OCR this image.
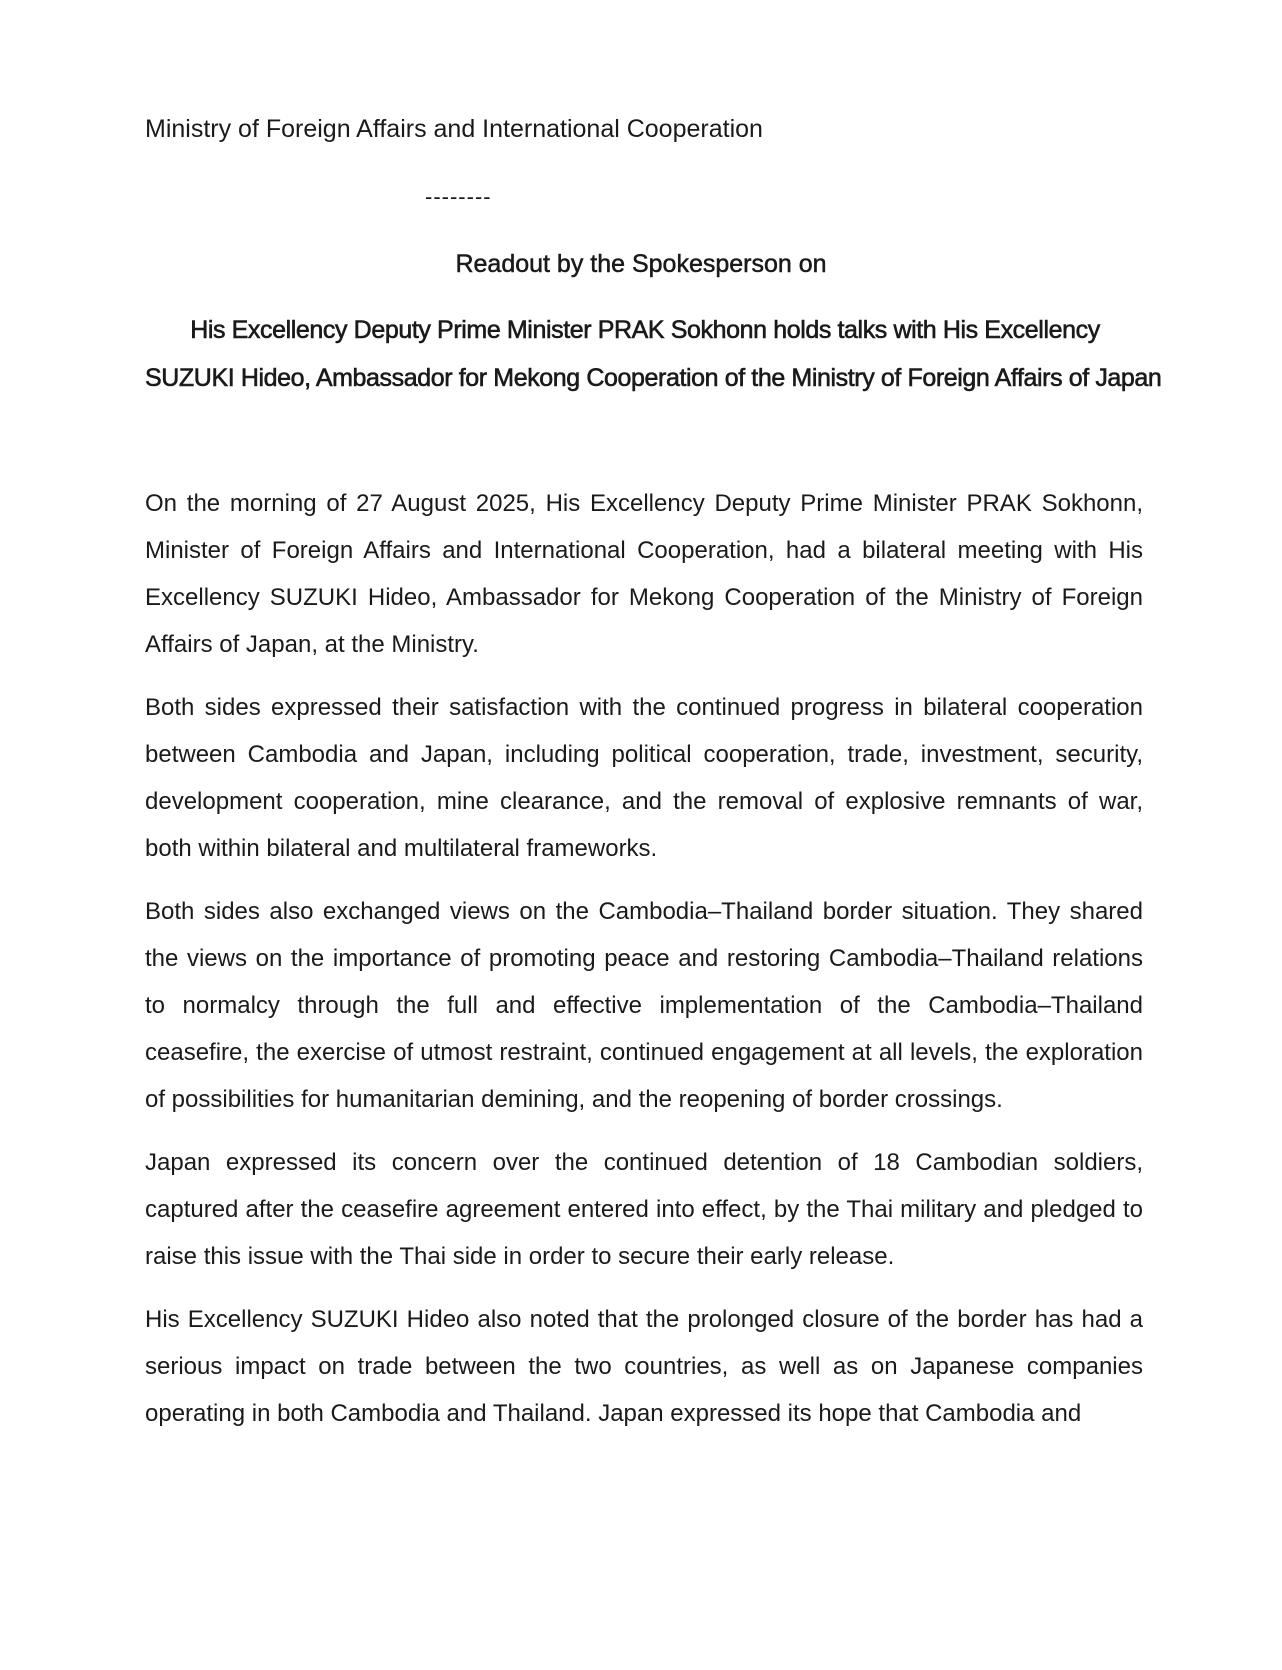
Ministry of Foreign Affairs and International Cooperation
--------
Readout by the Spokesperson on
His Excellency Deputy Prime Minister PRAK Sokhonn holds talks with His Excellency
SUZUKI Hideo, Ambassador for Mekong Cooperation of the Ministry of Foreign Affairs of Japan

On the morning of 27 August 2025, His Excellency Deputy Prime Minister PRAK Sokhonn, Minister of Foreign Affairs and International Cooperation, had a bilateral meeting with His Excellency SUZUKI Hideo, Ambassador for Mekong Cooperation of the Ministry of Foreign Affairs of Japan, at the Ministry.

Both sides expressed their satisfaction with the continued progress in bilateral cooperation between Cambodia and Japan, including political cooperation, trade, investment, security, development cooperation, mine clearance, and the removal of explosive remnants of war, both within bilateral and multilateral frameworks.

Both sides also exchanged views on the Cambodia–Thailand border situation. They shared the views on the importance of promoting peace and restoring Cambodia–Thailand relations to normalcy through the full and effective implementation of the Cambodia–Thailand ceasefire, the exercise of utmost restraint, continued engagement at all levels, the exploration of possibilities for humanitarian demining, and the reopening of border crossings.

Japan expressed its concern over the continued detention of 18 Cambodian soldiers, captured after the ceasefire agreement entered into effect, by the Thai military and pledged to raise this issue with the Thai side in order to secure their early release.

His Excellency SUZUKI Hideo also noted that the prolonged closure of the border has had a serious impact on trade between the two countries, as well as on Japanese companies operating in both Cambodia and Thailand. Japan expressed its hope that Cambodia and
